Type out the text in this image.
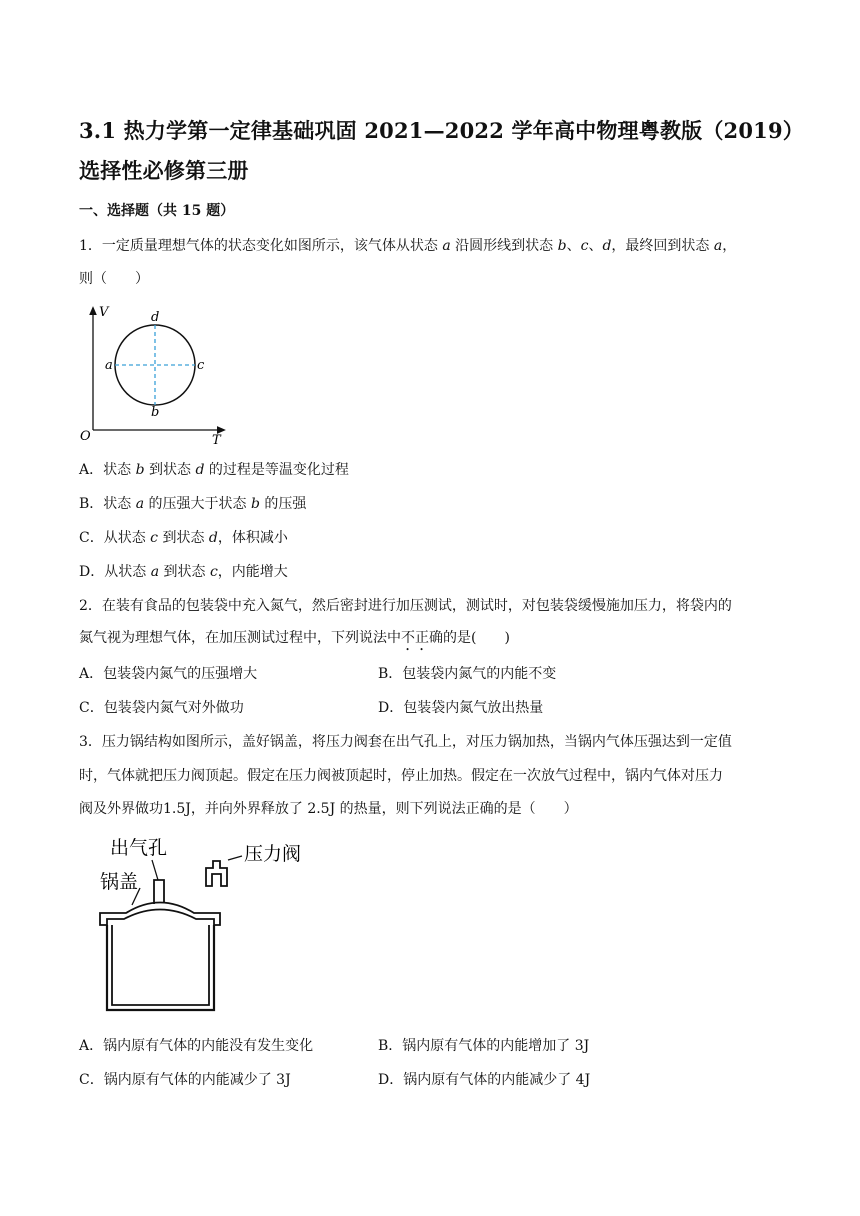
3.1 热力学第一定律基础巩固 2021—2022 学年高中物理粤教版（2019）
选择性必修第三册
一、选择题（共 15 题）
1．一定质量理想气体的状态变化如图所示，该气体从状态 a 沿圆形线到状态 b、c、d，最终回到状态 a，
则（　　）
V
T
O
a	c
d
b
A．状态 b 到状态 d 的过程是等温变化过程
B．状态 a 的压强大于状态 b 的压强
C．从状态 c 到状态 d，体积减小
D．从状态 a 到状态 c，内能增大
2．在装有食品的包装袋中充入氮气，然后密封进行加压测试，测试时，对包装袋缓慢施加压力，将袋内的
氮气视为理想气体，在加压测试过程中，下列说法中不正确的是(　　)
A．包装袋内氮气的压强增大	B．包装袋内氮气的内能不变
C．包装袋内氮气对外做功	D．包装袋内氮气放出热量
3．压力锅结构如图所示，盖好锅盖，将压力阀套在出气孔上，对压力锅加热，当锅内气体压强达到一定值
时，气体就把压力阀顶起。假定在压力阀被顶起时，停止加热。假定在一次放气过程中，锅内气体对压力
阀及外界做功1.5J，并向外界释放了 2.5J 的热量，则下列说法正确的是（　　）
出气孔
锅盖
压力阀
A．锅内原有气体的内能没有发生变化	B．锅内原有气体的内能增加了 3J
C．锅内原有气体的内能减少了 3J	D．锅内原有气体的内能减少了 4J
